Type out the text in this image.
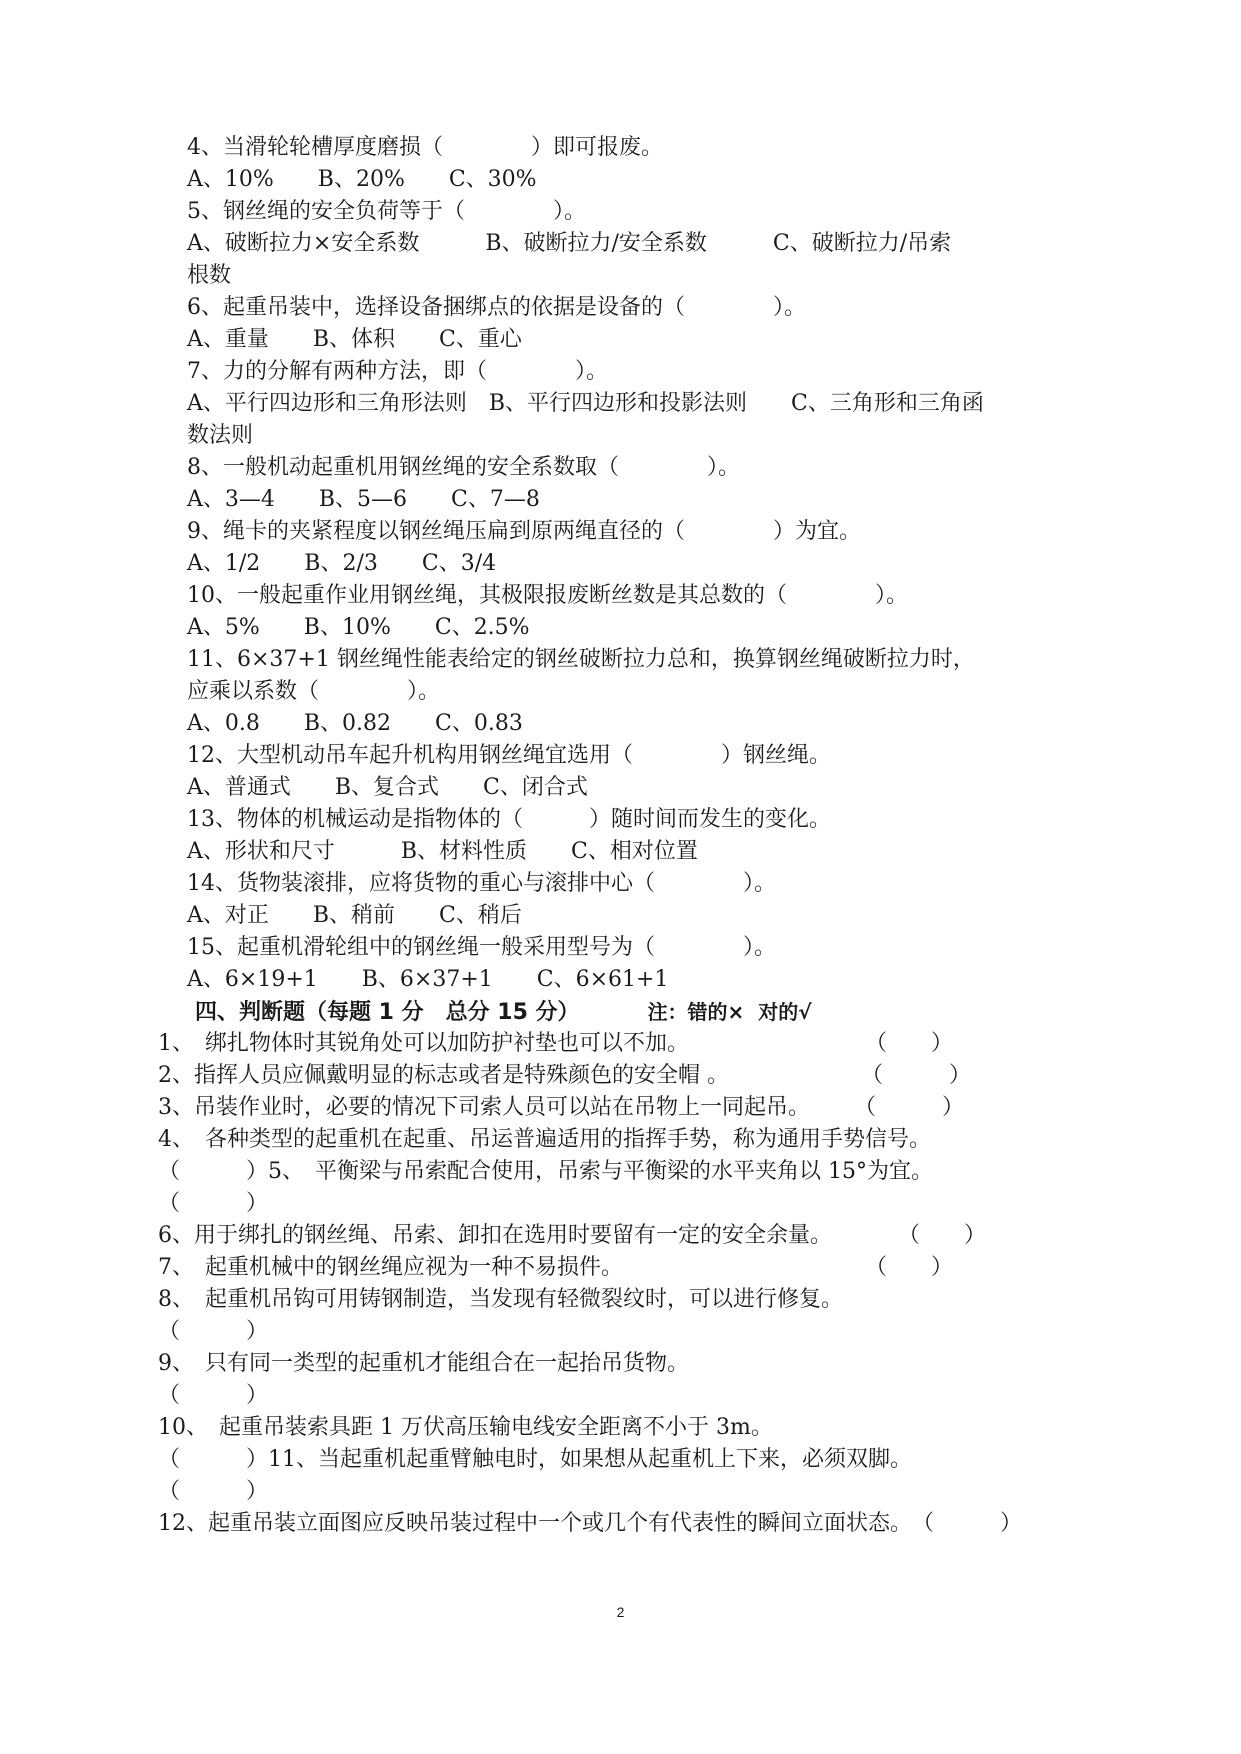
4、当滑轮轮槽厚度磨损（　　　　）即可报废。
A、10%　　B、20%　　C、30%
5、钢丝绳的安全负荷等于（　　　　）。
A、破断拉力×安全系数　　　B、破断拉力/安全系数　　　C、破断拉力/吊索
根数
6、起重吊装中，选择设备捆绑点的依据是设备的（　　　　）。
A、重量　　B、体积　　C、重心
7、力的分解有两种方法，即（　　　　）。
A、平行四边形和三角形法则　B、平行四边形和投影法则　　C、三角形和三角函
数法则
8、一般机动起重机用钢丝绳的安全系数取（　　　　）。
A、3—4　　B、5—6　　C、7—8
9、绳卡的夹紧程度以钢丝绳压扁到原两绳直径的（　　　　）为宜。
A、1/2　　B、2/3　　C、3/4
10、一般起重作业用钢丝绳，其极限报废断丝数是其总数的（　　　　）。
A、5%　　B、10%　　C、2.5%
11、6×37+1 钢丝绳性能表给定的钢丝破断拉力总和，换算钢丝绳破断拉力时，
应乘以系数（　　　　）。
A、0.8　　B、0.82　　C、0.83
12、大型机动吊车起升机构用钢丝绳宜选用（　　　　）钢丝绳。
A、普通式　　B、复合式　　C、闭合式
13、物体的机械运动是指物体的（　　　）随时间而发生的变化。
A、形状和尺寸　　　B、材料性质　　C、相对位置
14、货物装滚排，应将货物的重心与滚排中心（　　　　）。
A、对正　　B、稍前　　C、稍后
15、起重机滑轮组中的钢丝绳一般采用型号为（　　　　）。
A、6×19+1　　B、6×37+1　　C、6×61+1
四、判断题（每题 1 分　总分 15 分）	注：错的×  对的√
1、　绑扎物体时其锐角处可以加防护衬垫也可以不加。　　　　　　　　　（　　）
2、指挥人员应佩戴明显的标志或者是特殊颜色的安全帽 。　　　　　　　（　　　）
3、吊装作业时，必要的情况下司索人员可以站在吊物上一同起吊。　　　（　　　）
4、　各种类型的起重机在起重、吊运普遍适用的指挥手势，称为通用手势信号。
（　　　）5、　平衡梁与吊索配合使用，吊索与平衡梁的水平夹角以 15°为宜。
（　　　）
6、用于绑扎的钢丝绳、吊索、卸扣在选用时要留有一定的安全余量。　　　　（　　）
7、　起重机械中的钢丝绳应视为一种不易损件。　　　　　　　　　　　　（　　）
8、　起重机吊钩可用铸钢制造，当发现有轻微裂纹时，可以进行修复。
（　　　）
9、　只有同一类型的起重机才能组合在一起抬吊货物。
（　　　）
10、　起重吊装索具距 1 万伏高压输电线安全距离不小于 3m。
（　　　）11、当起重机起重臂触电时，如果想从起重机上下来，必须双脚。
（　　　）
12、起重吊装立面图应反映吊装过程中一个或几个有代表性的瞬间立面状态。　（　　　）
2
